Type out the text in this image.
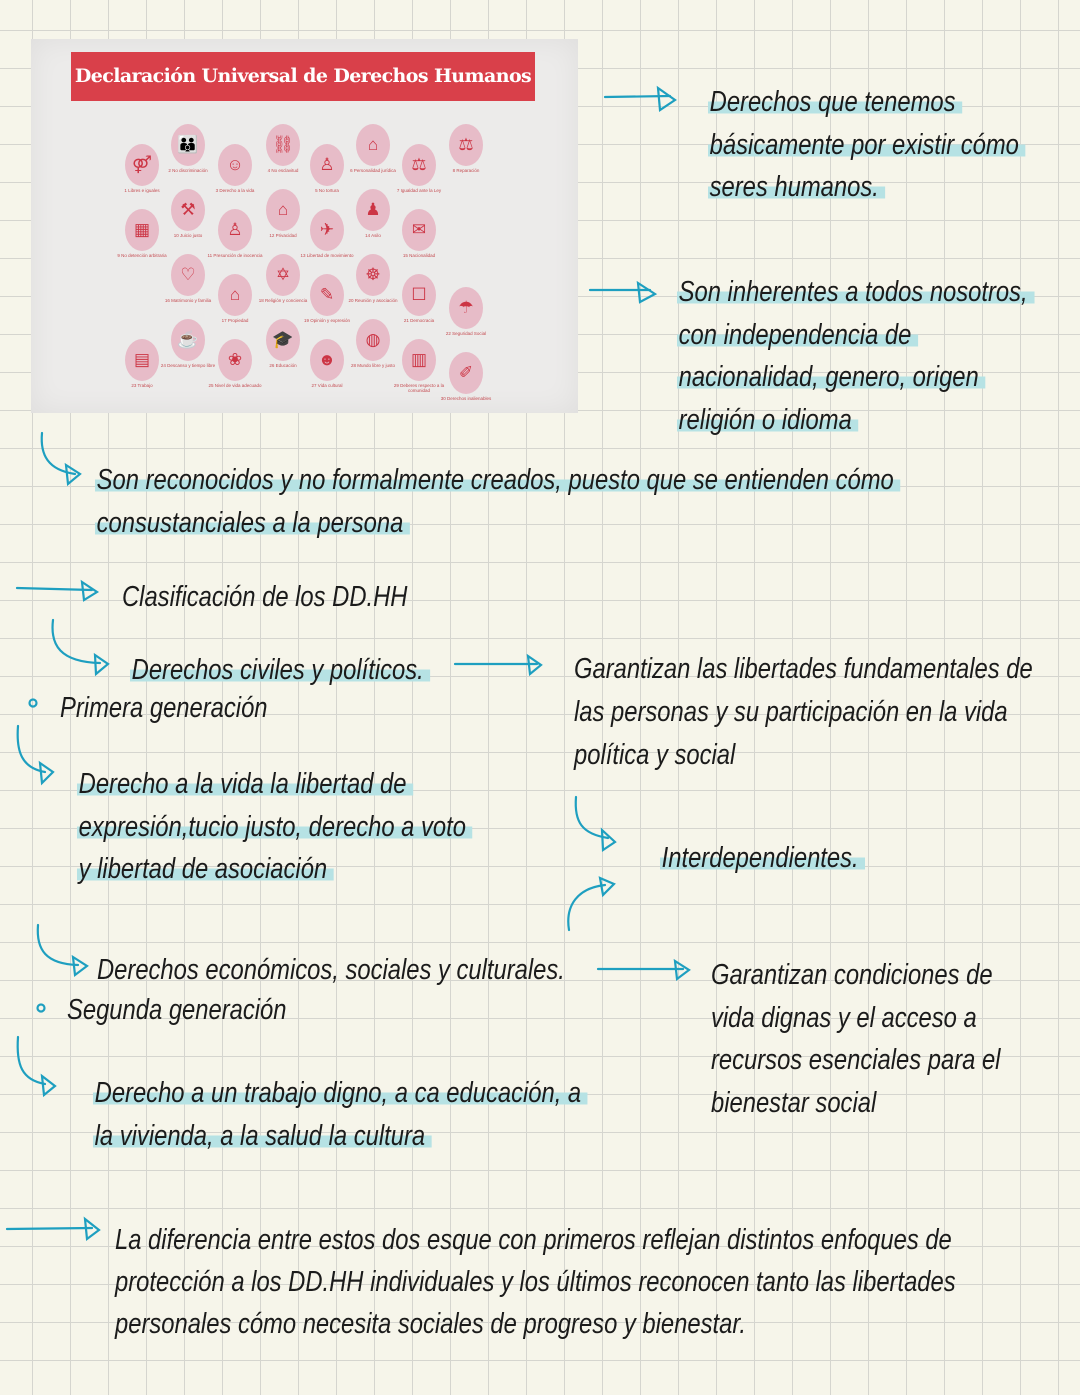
Declaración Universal de Derechos Humanos
⚤
1 Libres e iguales
👪
2 No discriminación	☺
3 Derecho a la vida
⛓
4 No esclavitud	♙
5 No tortura
⌂
6 Personalidad jurídica ⚖
7 Igualdad ante la Ley
⚖
8 Reparación
▦
9 No detención arbitraria
⚒
10 Juicio justo	♙
11 Presunción de inocencia
⌂
12 Privacidad	✈
13 Libertad de movimiento
♟
14 Asilo	✉
15 Nacionalidad
♡
16 Matrimonio y familia	⌂
17 Propiedad
✡
18 Religión y conciencia ✎
19 Opinión y expresión
☸
20 Reunión y asociación ☐
21 Democracia
☂
22 Seguridad Social
▤
23 Trabajo
☕
24 Descanso y tiempo libre ❀
25 Nivel de vida adecuado
🎓
26 Educación	☻
27 Vida cultural
◍
28 Mundo libre y justo ▥
29 Deberes respecto a la comunidad
✐
30 Derechos inalienables
Derechos que tenemos
básicamente por existir cómo
seres humanos.
Son inherentes a todos nosotros,
con independencia de
nacionalidad, genero, origen
religión o idioma
Son reconocidos y no formalmente creados, puesto que se entienden cómo
consustanciales a la persona
Clasificación de los DD.HH
Derechos civiles y políticos.
Primera generación
Derecho a la vida la libertad de
expresión,tucio justo, derecho a voto
y libertad de asociación
Garantizan las libertades fundamentales de
las personas y su participación en la vida
política y social
Interdependientes.
Derechos económicos, sociales y culturales.
Segunda generación
Derecho a un trabajo digno, a ca educación, a
la vivienda, a la salud la cultura
Garantizan condiciones de
vida dignas y el acceso a
recursos esenciales para el
bienestar social
La diferencia entre estos dos esque con primeros reflejan distintos enfoques de
protección a los DD.HH individuales y los últimos reconocen tanto las libertades
personales cómo necesita sociales de progreso y bienestar.
